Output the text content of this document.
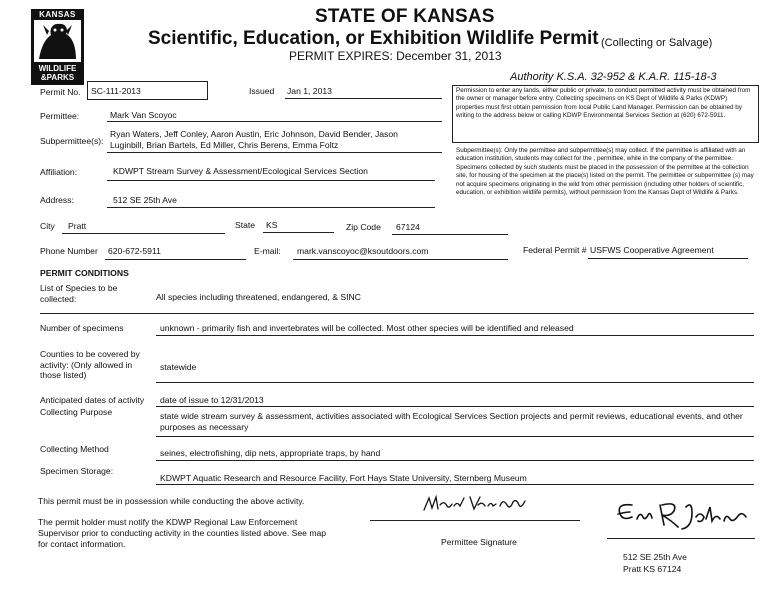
KANSAS
WILDLIFE
&PARKS
STATE OF KANSAS
Scientific, Education, or Exhibition Wildlife Permit
PERMIT EXPIRES: December 31, 2013
(Collecting or Salvage)
Authority K.S.A. 32-952 & K.A.R. 115-18-3
Permit No. SC-111-2013	Issued Jan 1, 2013
Permittee:	Mark Van Scoyoc
Subpermittee(s):
Ryan Waters, Jeff Conley, Aaron Austin, Eric Johnson, David Bender, Jason Luginbill, Brian Bartels, Ed Miller, Chris Berens, Emma Foltz
Affiliation:	KDWPT Stream Survey & Assessment/Ecological Services Section
Address:	512 SE 25th Ave
Permission to enter any lands, either public or private, to conduct permitted activity must be obtained from the owner or manager before entry. Collecting specimens on KS Dept of Wildlife & Parks (KDWP) properties must first obtain permission from local Public Land Manager. Permission can be obtained by writing to the address below or calling KDWP Environmental Services Section at (620) 672-5911.
Subpermittee(s): Only the permittee and subpermittee(s) may collect. If the permittee is affiliated with an education institution, students may collect for the , permittee, while in the company of the permittee. Specimens collected by such students must be placed in the possession of the permittee at the collection site, for housing of the specimen at the place(s) listed on the permit. The permittee or subpermittee (s) may not acquire specimens originating in the wild from other permission (including other holders of scientific, education, or exhibition wildlife permits), without permission from the Kansas Dept of Wildlife & Parks.
City Pratt	State KS	Zip Code 67124
Phone Number 620-672-5911	E-mail: mark.vanscoyoc@ksoutdoors.com	Federal Permit # USFWS Cooperative Agreement
PERMIT CONDITIONS
List of Species to be collected:	All species including threatened, endangered, & SINC
Number of specimens	unknown - primarily fish and invertebrates will be collected. Most other species will be identified and released
Counties to be covered by activity: (Only allowed in those listed)
statewide
Anticipated dates of activity date of issue to 12/31/2013
Collecting Purpose	state wide stream survey & assessment, activities associated with Ecological Services Section projects and permit reviews, educational events, and other purposes as necessary
Collecting Method	seines, electrofishing, dip nets, appropriate traps, by hand
Specimen Storage:
KDWPT Aquatic Research and Resource Facility, Fort Hays State University, Sternberg Museum
This permit must be in possession while conducting the above activity.
The permit holder must notify the KDWP Regional Law Enforcement Supervisor prior to conducting activity in the counties listed above. See map for contact information.	Permittee Signature
512 SE 25th Ave
Pratt KS 67124
